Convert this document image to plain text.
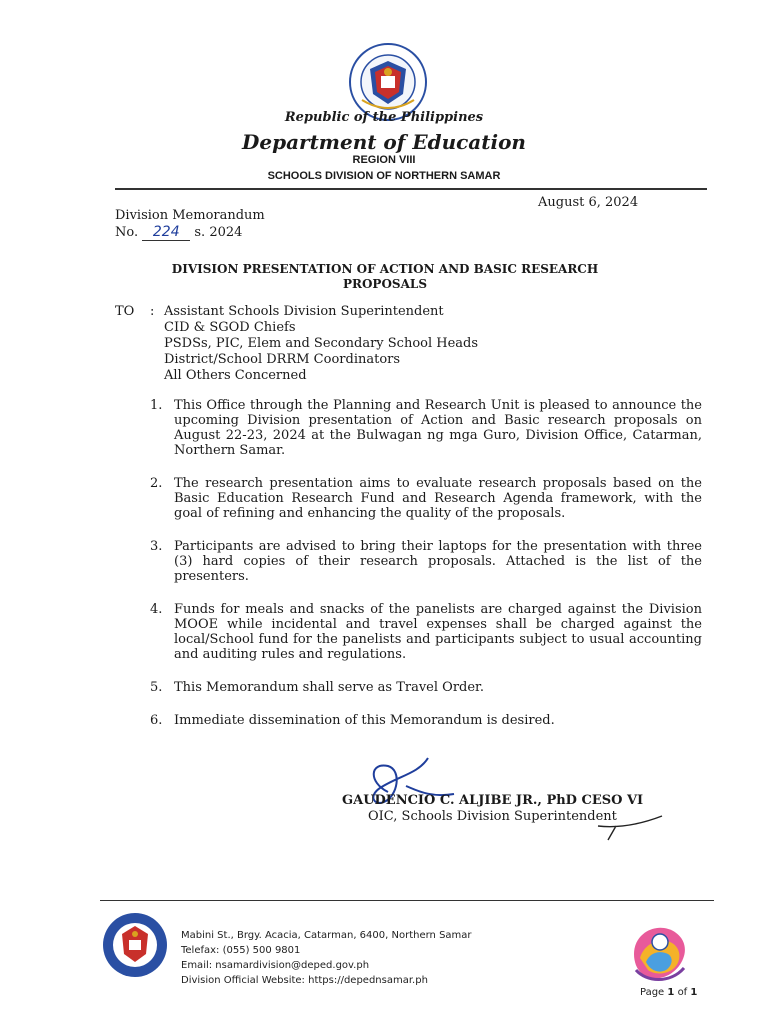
Republic of the Philippines
Department of Education
REGION VIII
SCHOOLS DIVISION OF NORTHERN SAMAR
August 6, 2024
Division Memorandum
No. 224 s. 2024
DIVISION PRESENTATION OF ACTION AND BASIC RESEARCH PROPOSALS
TO : Assistant Schools Division Superintendent
CID & SGOD Chiefs
PSDSs, PIC, Elem and Secondary School Heads
District/School DRRM Coordinators
All Others Concerned
1. This Office through the Planning and Research Unit is pleased to announce the upcoming Division presentation of Action and Basic research proposals on August 22-23, 2024 at the Bulwagan ng mga Guro, Division Office, Catarman, Northern Samar.
2. The research presentation aims to evaluate research proposals based on the Basic Education Research Fund and Research Agenda framework, with the goal of refining and enhancing the quality of the proposals.
3. Participants are advised to bring their laptops for the presentation with three (3) hard copies of their research proposals. Attached is the list of the presenters.
4. Funds for meals and snacks of the panelists are charged against the Division MOOE while incidental and travel expenses shall be charged against the local/School fund for the panelists and participants subject to usual accounting and auditing rules and regulations.
5. This Memorandum shall serve as Travel Order.
6. Immediate dissemination of this Memorandum is desired.
GAUDENCIO C. ALJIBE JR., PhD CESO VI
OIC, Schools Division Superintendent
Mabini St., Brgy. Acacia, Catarman, 6400, Northern Samar
Telefax: (055) 500 9801
Email: nsamardivision@deped.gov.ph
Division Official Website: https://depednsamar.ph
Page 1 of 1
